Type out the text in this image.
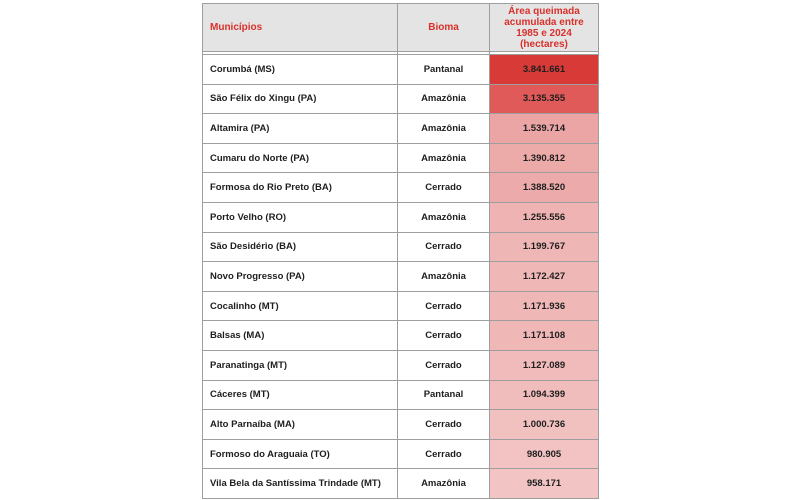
Municípios	Bioma	Área queimada acumulada entre 1985 e 2024 (hectares)

Corumbá (MS)	Pantanal	3.841.661
São Félix do Xingu (PA)	Amazônia	3.135.355
Altamira (PA)	Amazônia	1.539.714
Cumaru do Norte (PA)	Amazônia	1.390.812
Formosa do Rio Preto (BA)	Cerrado	1.388.520
Porto Velho (RO)	Amazônia	1.255.556
São Desidério (BA)	Cerrado	1.199.767
Novo Progresso (PA)	Amazônia	1.172.427
Cocalinho (MT)	Cerrado	1.171.936
Balsas (MA)	Cerrado	1.171.108
Paranatinga (MT)	Cerrado	1.127.089
Cáceres (MT)	Pantanal	1.094.399
Alto Parnaíba (MA)	Cerrado	1.000.736
Formoso do Araguaia (TO)	Cerrado	980.905
Vila Bela da Santíssima Trindade (MT)	Amazônia	958.171
